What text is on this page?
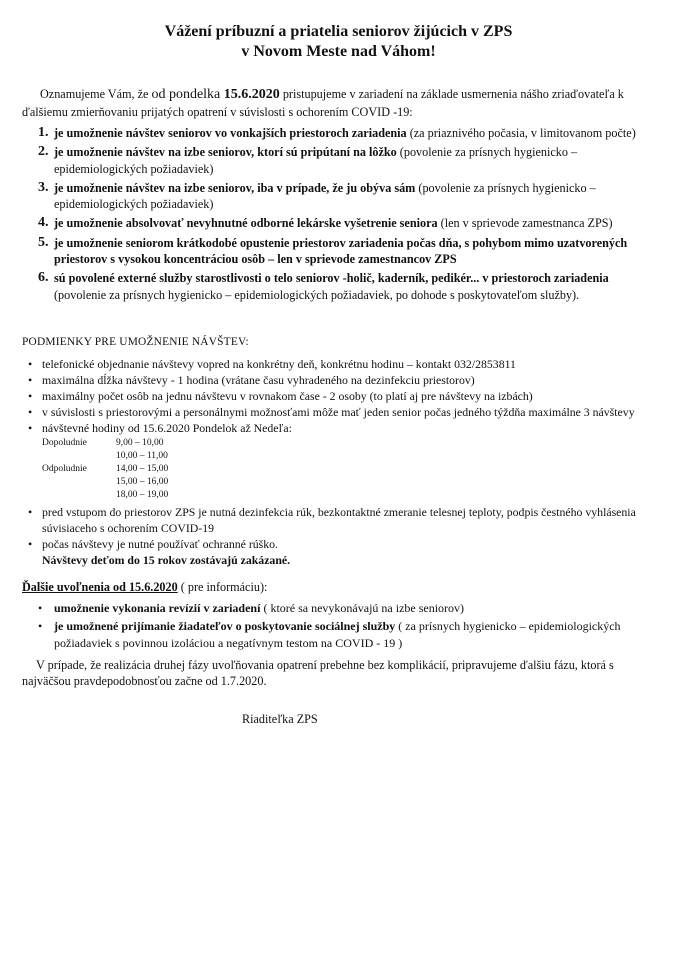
Vážení príbuzní a priatelia seniorov žijúcich v ZPS
v Novom Meste nad Váhom!
Oznamujeme Vám, že od pondelka 15.6.2020 pristupujeme v zariadení na základe usmernenia nášho zriaďovateľa k ďalšiemu zmierňovaniu prijatých opatrení v súvislosti s ochorením COVID -19:
1. je umožnenie návštev seniorov vo vonkajších priestoroch zariadenia (za priaznivého počasia, v limitovanom počte)
2. je umožnenie návštev na izbe seniorov, ktorí sú pripútaní na lôžko (povolenie za prísnych hygienicko – epidemiologických požiadaviek)
3. je umožnenie návštev na izbe seniorov, iba v prípade, že ju obýva sám (povolenie za prísnych hygienicko – epidemiologických požiadaviek)
4. je umožnenie absolvovať nevyhnutné odborné lekárske vyšetrenie seniora (len v sprievode zamestnanca ZPS)
5. je umožnenie seniorom krátkodobé opustenie priestorov zariadenia počas dňa, s pohybom mimo uzatvorených priestorov s vysokou koncentráciou osôb – len v sprievode zamestnancov ZPS
6. sú povolené externé služby starostlivosti o telo seniorov -holič, kaderník, pedikér... v priestoroch zariadenia (povolenie za prísnych hygienicko – epidemiologických požiadaviek, po dohode s poskytovateľom služby).
PODMIENKY PRE UMOŽNENIE NÁVŠTEV:
• telefonické objednanie návštevy vopred na konkrétny deň, konkrétnu hodinu – kontakt 032/2853811
• maximálna dĺžka návštevy - 1 hodina (vrátane času vyhradeného na dezinfekciu priestorov)
• maximálny počet osôb na jednu návštevu v rovnakom čase - 2 osoby (to platí aj pre návštevy na izbách)
• v súvislosti s priestorovými a personálnymi možnosťami môže mať jeden senior počas jedného týždňa maximálne 3 návštevy
• návštevné hodiny od 15.6.2020 Pondelok až Nedeľa:
Dopoludnie	9,00 – 10,00
10,00 – 11,00
Odpoludnie	14,00 – 15,00
15,00 – 16,00
18,00 – 19,00
• pred vstupom do priestorov ZPS je nutná dezinfekcia rúk, bezkontaktné zmeranie telesnej teploty, podpis čestného vyhlásenia súvisiaceho s ochorením COVID-19
• počas návštevy je nutné používať ochranné rúško.
Návštevy deťom do 15 rokov zostávajú zakázané.
Ďalšie uvoľnenia od 15.6.2020 ( pre informáciu):
• umožnenie vykonania revízií v zariadení ( ktoré sa nevykonávajú na izbe seniorov)
• je umožnené prijímanie žiadateľov o poskytovanie sociálnej služby ( za prísnych hygienicko – epidemiologických požiadaviek s povinnou izoláciou a negatívnym testom na COVID - 19 )
V prípade, že realizácia druhej fázy uvoľňovania opatrení prebehne bez komplikácií, pripravujeme ďalšiu fázu, ktorá s najväčšou pravdepodobnosťou začne od 1.7.2020.
Riaditeľka ZPS
